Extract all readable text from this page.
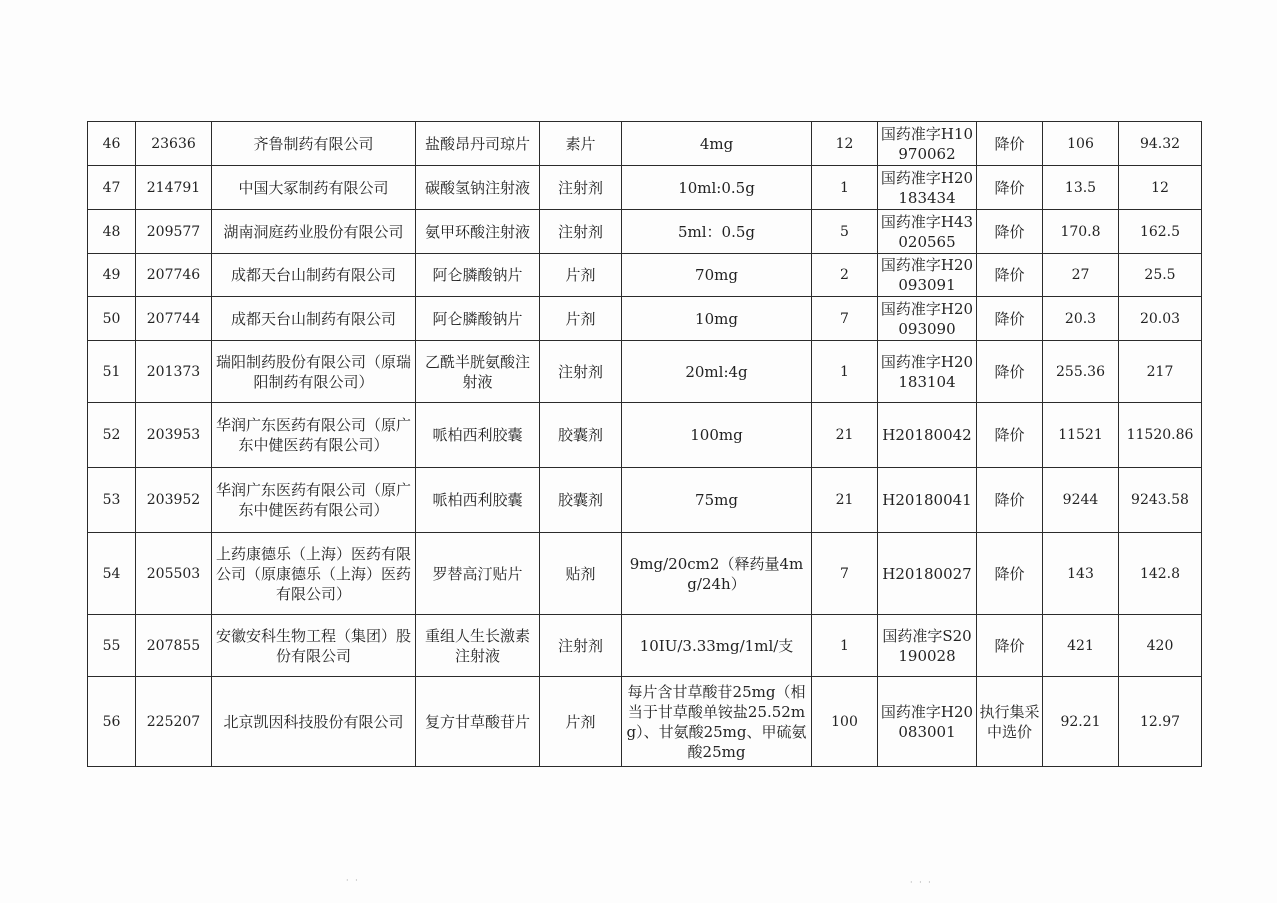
46	23636	齐鲁制药有限公司	盐酸昂丹司琼片	素片	4mg	12	国药准字H10970062	降价	106	94.32
47	214791	中国大冢制药有限公司	碳酸氢钠注射液	注射剂	10ml:0.5g	1	国药准字H20183434	降价	13.5	12
48	209577	湖南洞庭药业股份有限公司	氨甲环酸注射液	注射剂	5ml：0.5g	5	国药准字H43020565	降价	170.8	162.5
49	207746	成都天台山制药有限公司	阿仑膦酸钠片	片剂	70mg	2	国药准字H20093091	降价	27	25.5
50	207744	成都天台山制药有限公司	阿仑膦酸钠片	片剂	10mg	7	国药准字H20093090	降价	20.3	20.03
51	201373	瑞阳制药股份有限公司（原瑞阳制药有限公司）	乙酰半胱氨酸注射液	注射剂	20ml:4g	1	国药准字H20183104	降价	255.36	217
52	203953	华润广东医药有限公司（原广东中健医药有限公司）	哌柏西利胶囊	胶囊剂	100mg	21	H20180042	降价	11521	11520.86
53	203952	华润广东医药有限公司（原广东中健医药有限公司）	哌柏西利胶囊	胶囊剂	75mg	21	H20180041	降价	9244	9243.58
54	205503	上药康德乐（上海）医药有限公司（原康德乐（上海）医药有限公司）	罗替高汀贴片	贴剂	9mg/20cm2（释药量4mg/24h）	7	H20180027	降价	143	142.8
55	207855	安徽安科生物工程（集团）股份有限公司	重组人生长激素注射液	注射剂	10IU/3.33mg/1ml/支	1	国药准字S20190028	降价	421	420
56	225207	北京凯因科技股份有限公司	复方甘草酸苷片	片剂	每片含甘草酸苷25mg（相当于甘草酸单铵盐25.52mg）、甘氨酸25mg、甲硫氨酸25mg	100	国药准字H20083001	执行集采中选价	92.21	12.97
· ·	· · ·
